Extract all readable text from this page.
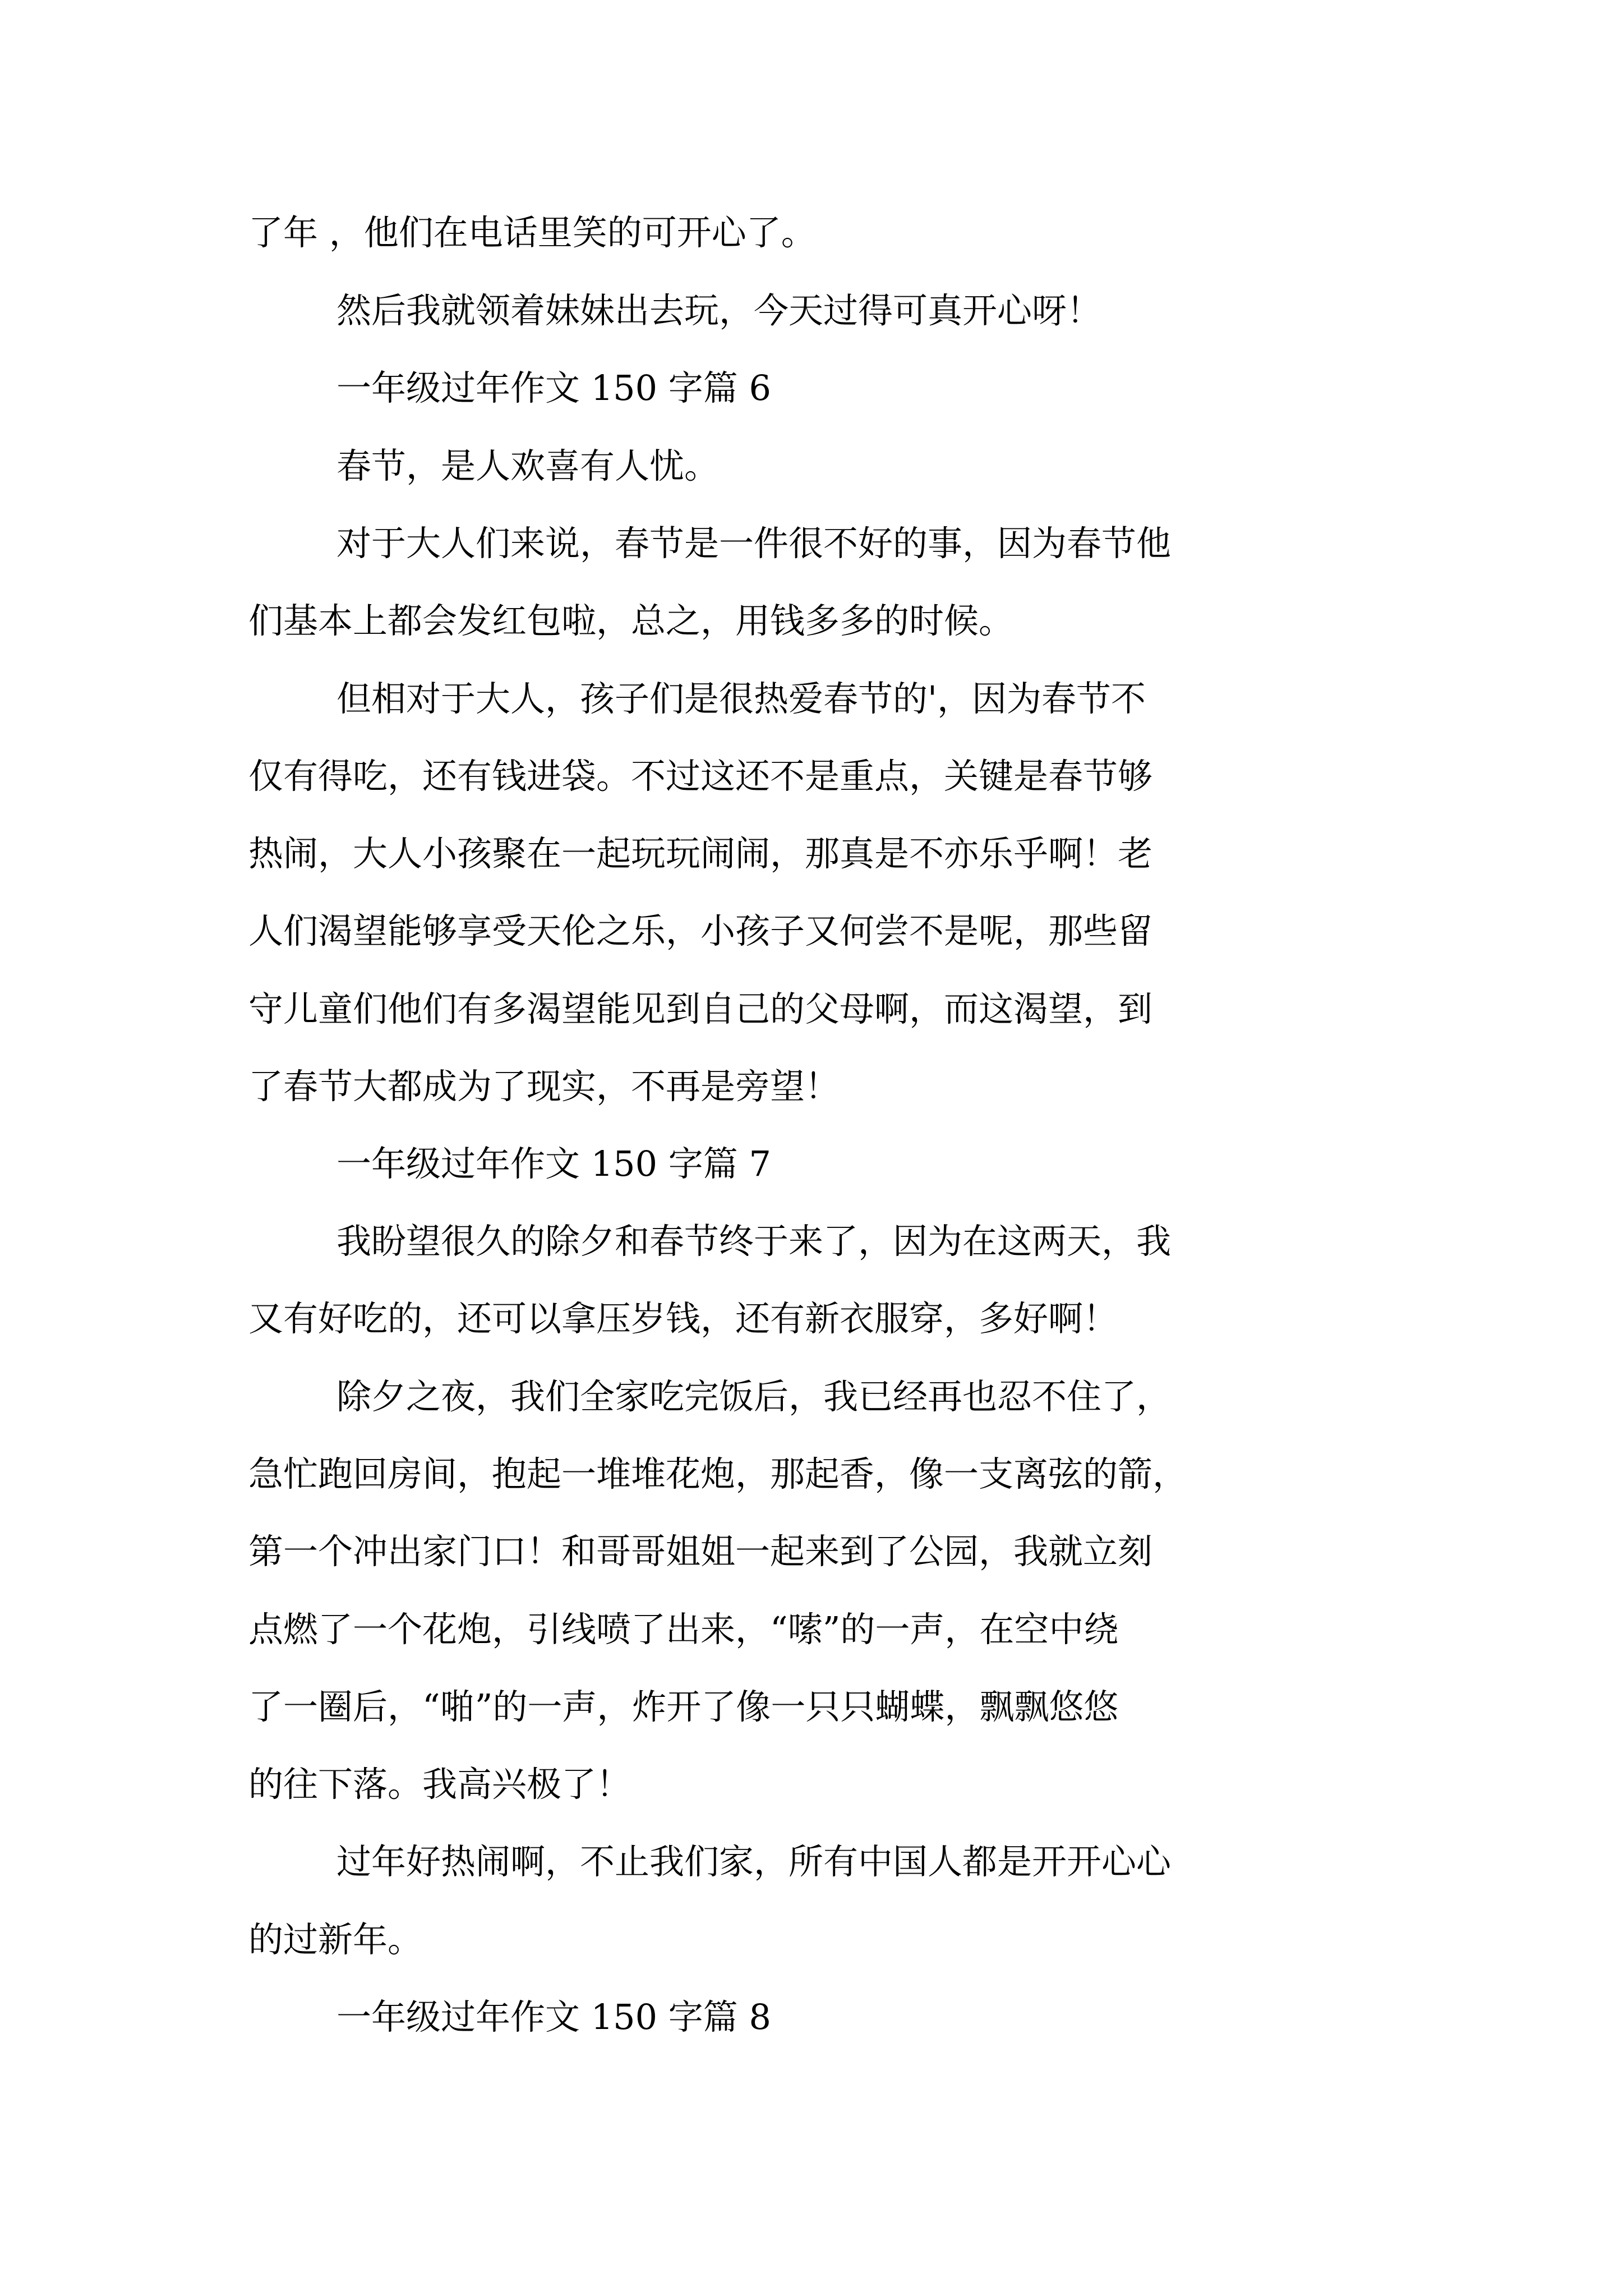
了年 ，他们在电话里笑的可开心了。
然后我就领着妹妹出去玩，今天过得可真开心呀！
一年级过年作文 150 字篇 6
春节，是人欢喜有人忧。
对于大人们来说，春节是一件很不好的事，因为春节他
们基本上都会发红包啦，总之，用钱多多的时候。
但相对于大人，孩子们是很热爱春节的'，因为春节不
仅有得吃，还有钱进袋。不过这还不是重点，关键是春节够
热闹，大人小孩聚在一起玩玩闹闹，那真是不亦乐乎啊！老
人们渴望能够享受天伦之乐，小孩子又何尝不是呢，那些留
守儿童们他们有多渴望能见到自己的父母啊，而这渴望，到
了春节大都成为了现实，不再是旁望！
一年级过年作文 150 字篇 7
我盼望很久的除夕和春节终于来了，因为在这两天，我
又有好吃的，还可以拿压岁钱，还有新衣服穿，多好啊！
除夕之夜，我们全家吃完饭后，我已经再也忍不住了，
急忙跑回房间，抱起一堆堆花炮，那起香，像一支离弦的箭，
第一个冲出家门口！和哥哥姐姐一起来到了公园，我就立刻
点燃了一个花炮，引线喷了出来，“嗦”的一声，在空中绕
了一圈后，“啪”的一声，炸开了像一只只蝴蝶，飘飘悠悠
的往下落。我高兴极了！
过年好热闹啊，不止我们家，所有中国人都是开开心心
的过新年。
一年级过年作文 150 字篇 8
